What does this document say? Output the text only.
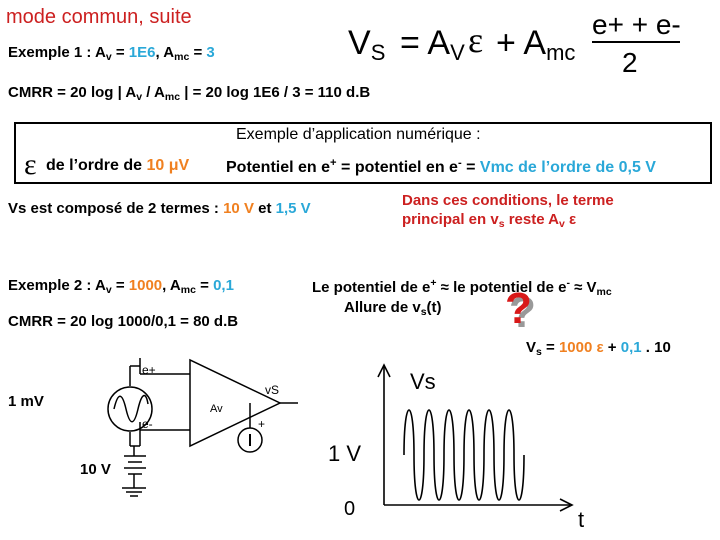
mode commun, suite
VS = AV ε + Amc
e+ + e-
2
Exemple 1 : $A_v = 1E6$, $A_{mc} = 3$
CMRR = 20 log | $A_v / A_{mc}$ | = 20 log 1E6 / 3 = 110 d.B
Exemple d’application numérique :
ε de l’ordre de 10 μV Potentiel en e+ = potentiel en e- = Vmc de l’ordre de 0,5 V
Vs est composé de 2 termes : 10 V et 1,5 V	Dans ces conditions, le terme
principal en $v_s$ reste $A_v$ ε
Exemple 2 : $A_v = 1000$, $A_{mc} = 0,1$
CMRR = 20 log 1000/0,1 = 80 d.B
Le potentiel de e+ ≈ le potentiel de $e^- \approx V_{mc}$
Allure de $v_s(t)$ ?
$V_s = 1000$ ε + 0,1 . 10
e+
e-
Av
vS
+
1 mV
10 V
Vs
1 V
0	t
